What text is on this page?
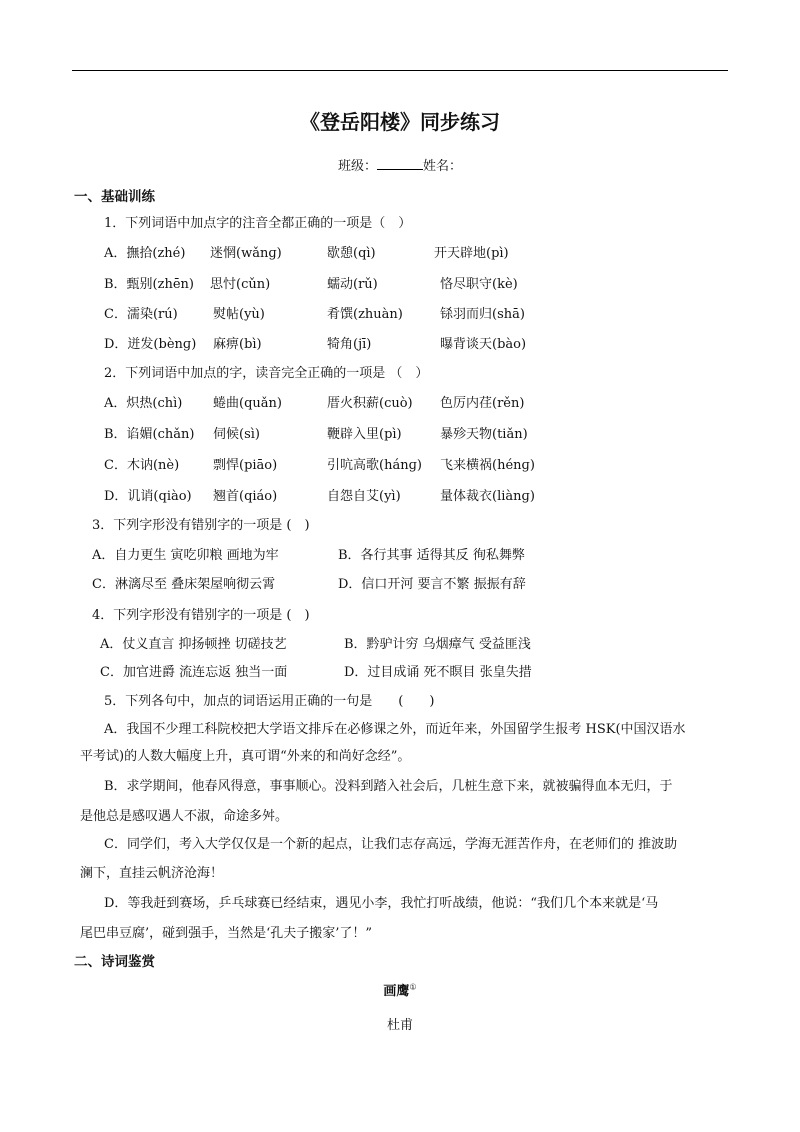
《登岳阳楼》同步练习
班级：	姓名：
一、基础训练
1．下列词语中加点字的注音全都正确的一项是（　）
A．撫拾(zhé) 迷惘(wǎnɡ)	歇憩(qì)	开天辟地(pì)
B．甄别(zhēn) 思忖(cǔn)	蠕动(rǔ)	恪尽职守(kè)
C．濡染(rú)	熨帖(yù)	肴馔(zhuàn)	铩羽而归(shā)
D．迸发(bènɡ) 麻痹(bì)	犄角(jī)	曝背谈天(bào)
2．下列词语中加点的字，读音完全正确的一项是 （　）
A．炽热(chì) 蜷曲(quǎn)	厝火积薪(cuò) 色厉内荏(rěn)
B．谄媚(chǎn) 伺候(sì)	鞭辟入里(pì)	暴殄天物(tiǎn)
C．木讷(nè)	剽悍(piāo)	引吭高歌(hánɡ) 飞来横祸(hénɡ)
D．讥诮(qiào) 翘首(qiáo)	自怨自艾(yì)	量体裁衣(liànɡ)
3．下列字形没有错别字的一项是 (　)
A．自力更生 寅吃卯粮 画地为牢	B．各行其事 适得其反 徇私舞弊
C．淋漓尽至 叠床架屋响彻云霄	D．信口开河 要言不繁 振振有辞
4．下列字形没有错别字的一项是 (　)
A．仗义直言 抑扬顿挫 切磋技艺	B．黔驴计穷 乌烟瘴气 受益匪浅
C．加官进爵 流连忘返 独当一面	D．过目成诵 死不瞑目 张皇失措
5．下列各句中，加点的词语运用正确的一句是　　(　　)
A．我国不少理工科院校把大学语文排斥在必修课之外，而近年来，外国留学生报考 HSK(中国汉语水
平考试)的人数大幅度上升，真可谓“外来的和尚好念经”。
B．求学期间，他春风得意，事事顺心。没料到踏入社会后，几桩生意下来，就被骗得血本无归，于
是他总是感叹遇人不淑，命途多舛。
C．同学们，考入大学仅仅是一个新的起点，让我们志存高远，学海无涯苦作舟，在老师们的 推波助
澜下，直挂云帆济沧海！
D．等我赶到赛场，乒乓球赛已经结束，遇见小李，我忙打听战绩，他说：“我们几个本来就是‘马
尾巴串豆腐’，碰到强手，当然是‘孔夫子搬家’了！”
二、诗词鉴赏
画鹰①
杜甫
